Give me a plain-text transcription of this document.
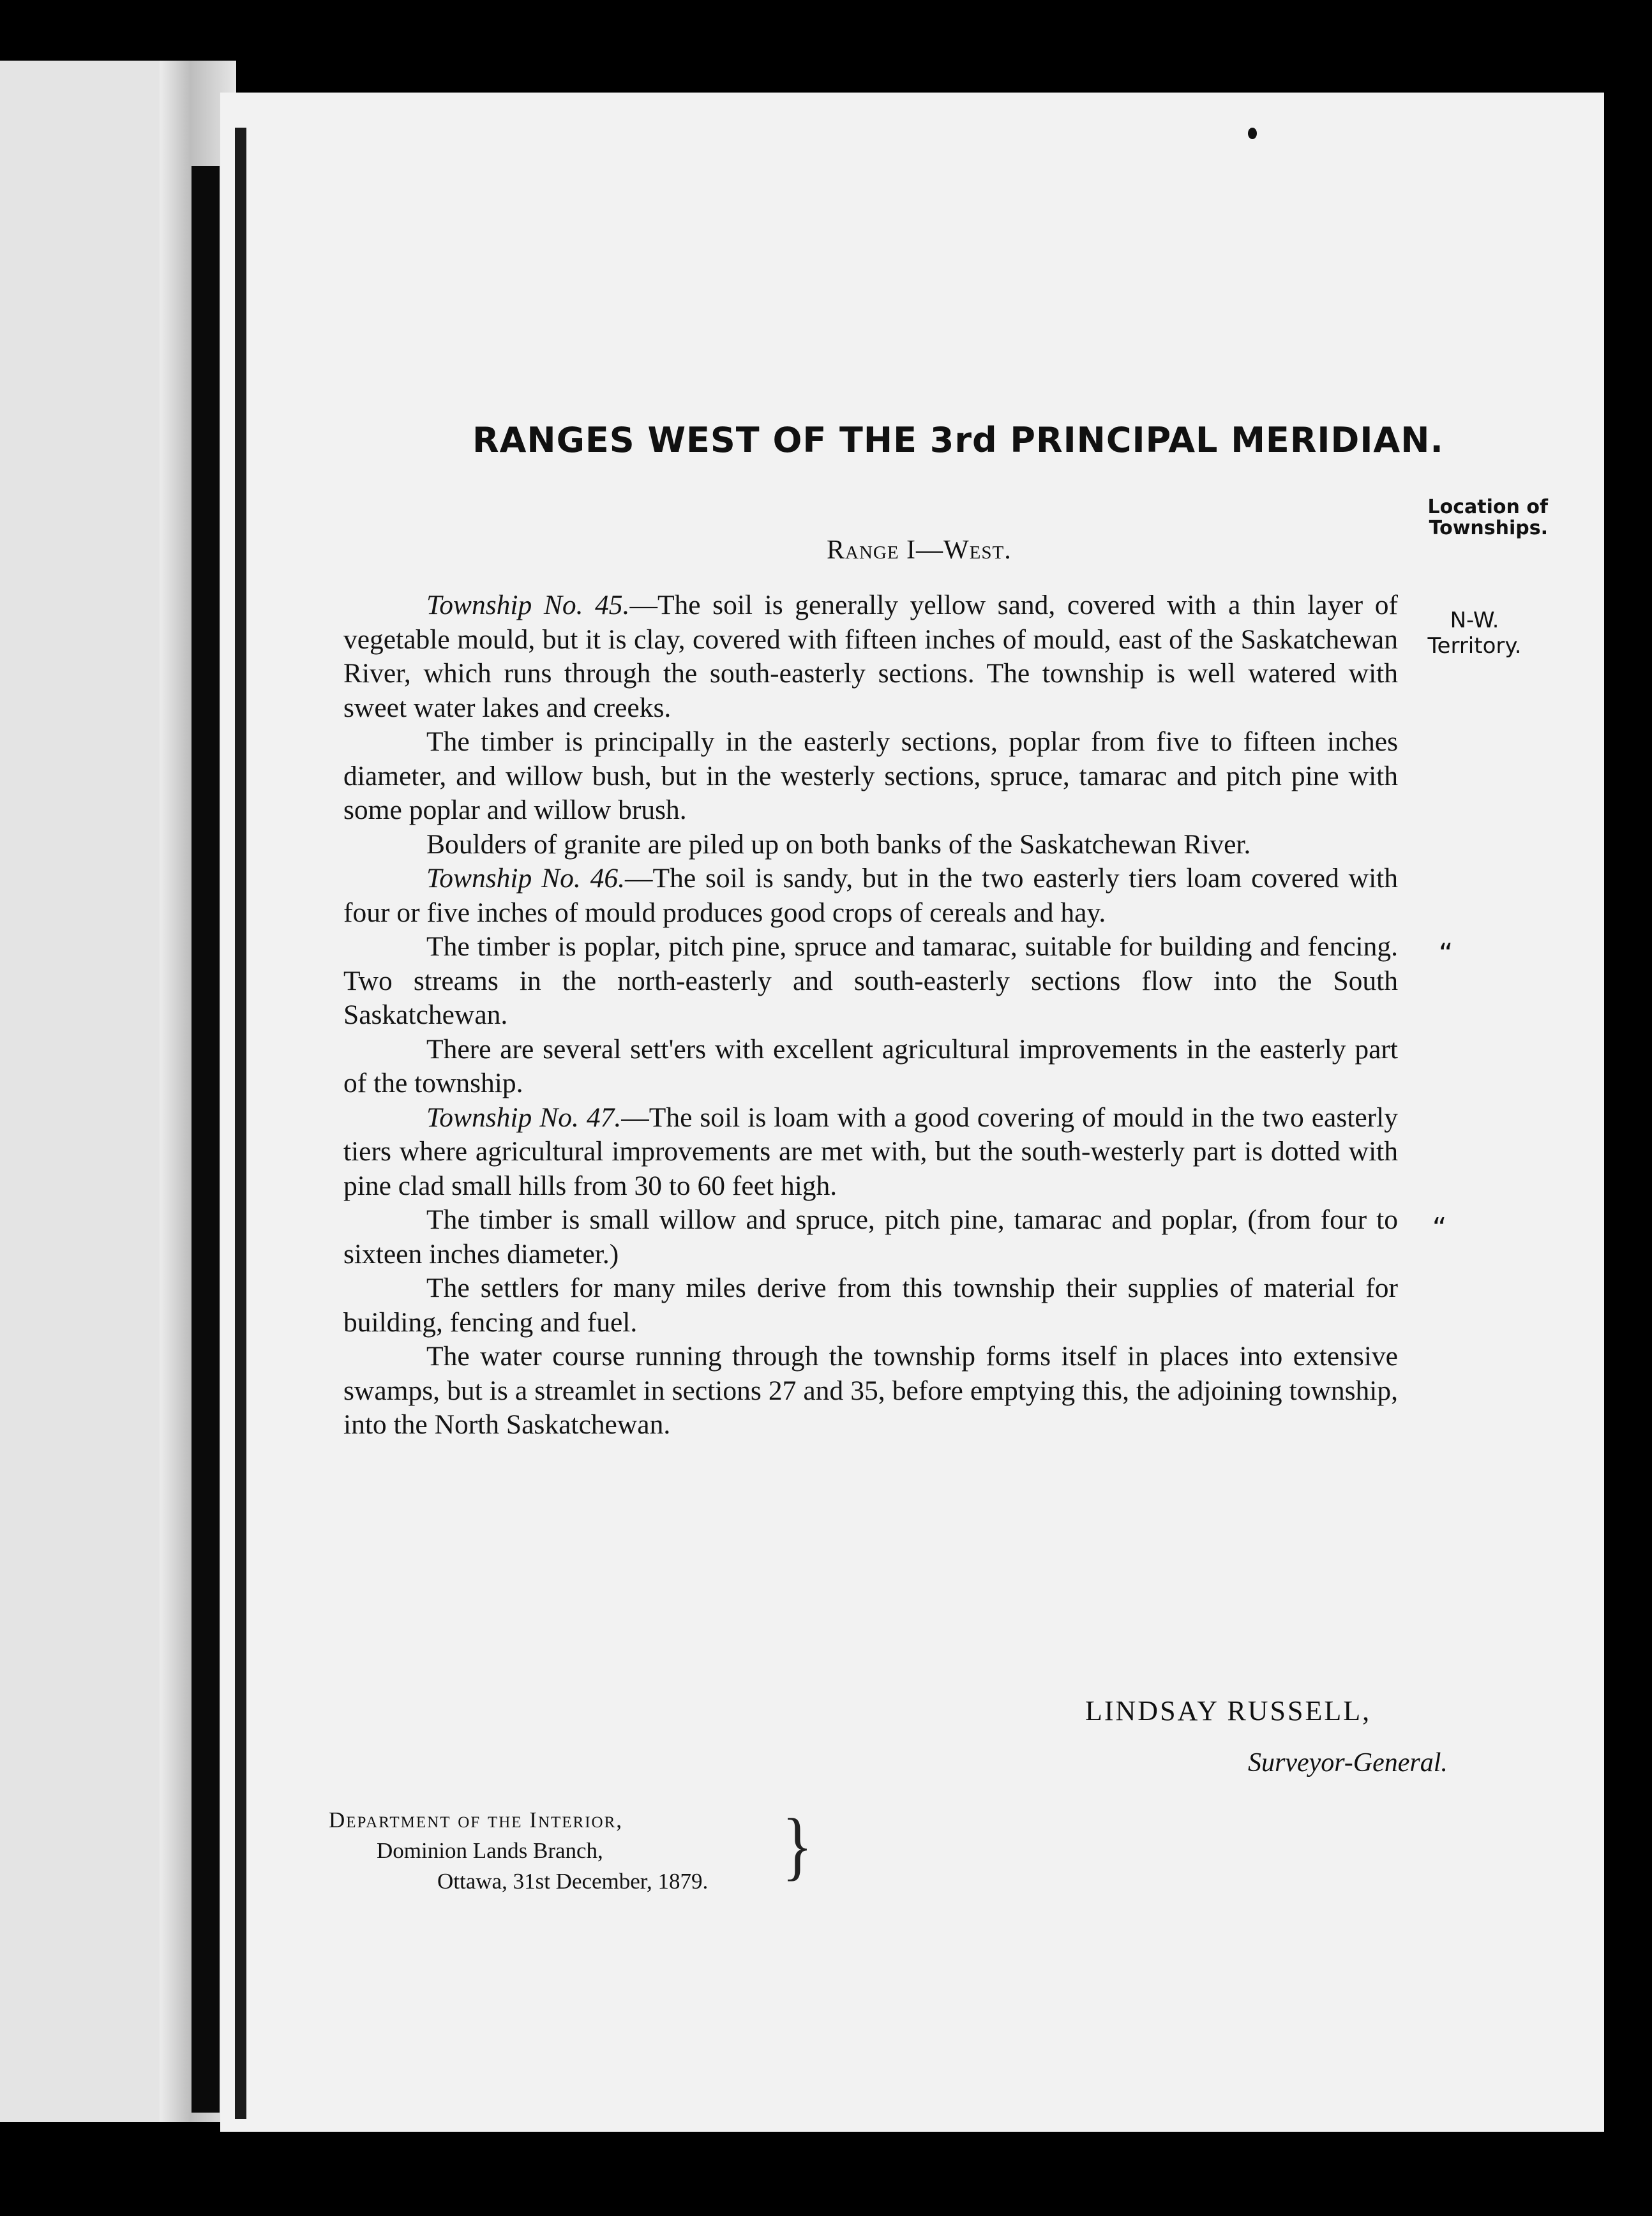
RANGES WEST OF THE 3rd PRINCIPAL MERIDIAN.
Location of Townships.
Range I—West.

Township No. 45.—The soil is generally yellow sand, covered with a thin layer of vegetable mould, but it is clay, covered with fifteen inches of mould, east of the Saskatchewan River, which runs through the south-easterly sections. The township is well watered with sweet water lakes and creeks.

The timber is principally in the easterly sections, poplar from five to fifteen inches diameter, and willow bush, but in the westerly sections, spruce, tamarac and pitch pine with some poplar and willow brush.

Boulders of granite are piled up on both banks of the Saskatchewan River.

Township No. 46.—The soil is sandy, but in the two easterly tiers loam covered with four or five inches of mould produces good crops of cereals and hay.

The timber is poplar, pitch pine, spruce and tamarac, suitable for building and fencing. Two streams in the north-easterly and south-easterly sections flow into the South Saskatchewan.

There are several sett'ers with excellent agricultural improvements in the easterly part of the township.

Township No. 47.—The soil is loam with a good covering of mould in the two easterly tiers where agricultural improvements are met with, but the south-westerly part is dotted with pine clad small hills from 30 to 60 feet high.

The timber is small willow and spruce, pitch pine, tamarac and poplar, (from four to sixteen inches diameter.)

The settlers for many miles derive from this township their supplies of material for building, fencing and fuel.

The water course running through the township forms itself in places into extensive swamps, but is a streamlet in sections 27 and 35, before emptying this, the adjoining township, into the North Saskatchewan.

N-W. Territory.
“
“
LINDSAY RUSSELL,
Surveyor-General.
Department of the Interior,
Dominion Lands Branch,
Ottawa, 31st December, 1879. }
